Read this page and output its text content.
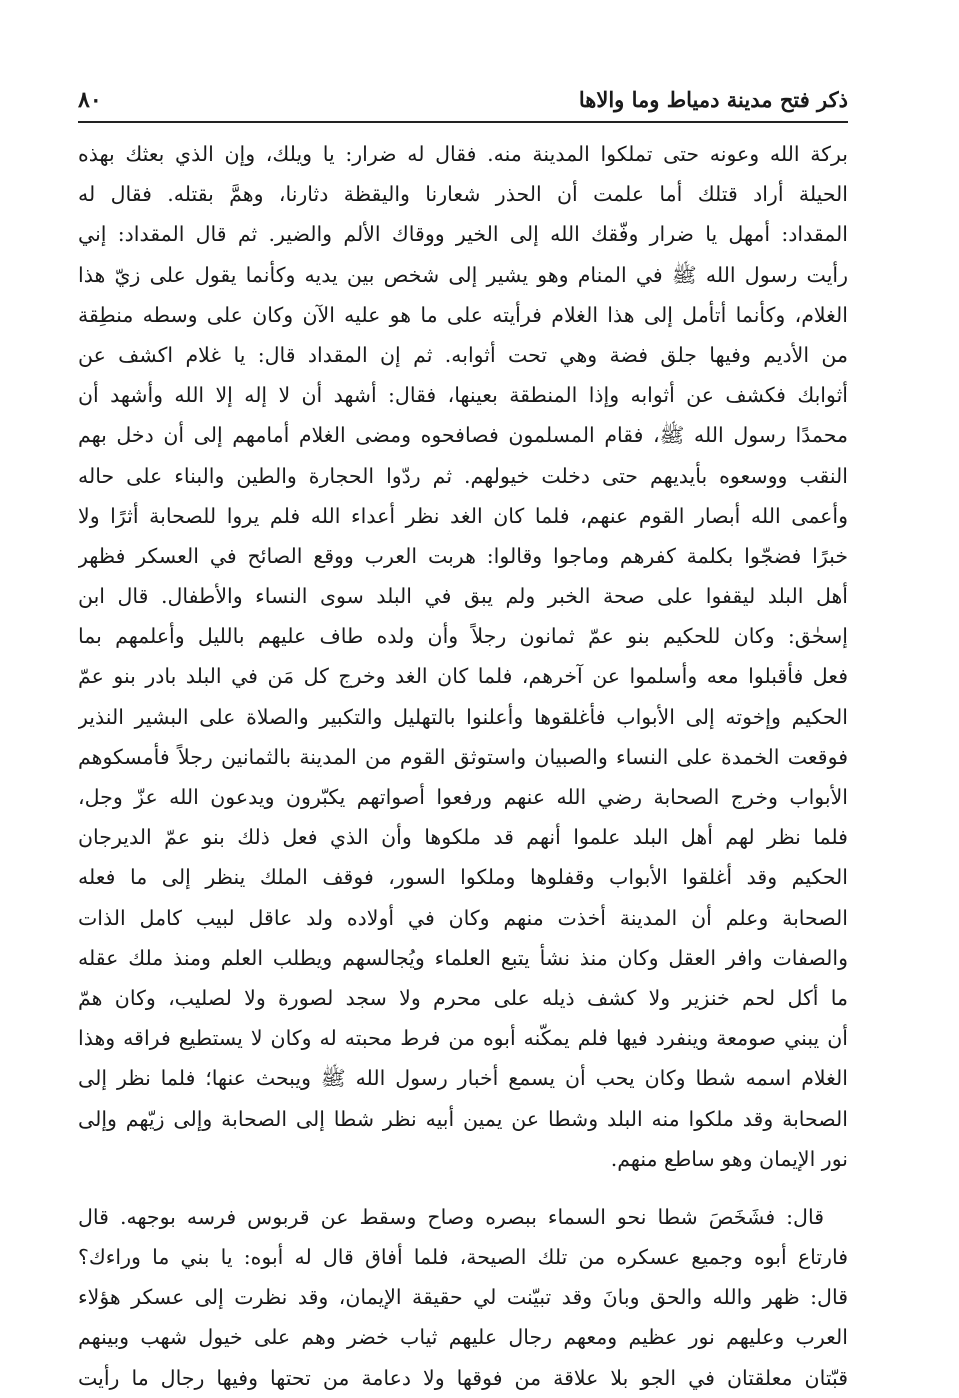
ذكر فتح مدينة دمياط وما والاها
٨٠
بركة الله وعونه حتى تملكوا المدينة منه. فقال له ضرار: يا ويلك، وإن الذي بعثك بهذه
الحيلة أراد قتلك أما علمت أن الحذر شعارنا واليقظة دثارنا، وهمَّ بقتله. فقال له
المقداد: أمهل يا ضرار وفّقك الله إلى الخير ووقاك الألم والضير. ثم قال المقداد: إني
رأيت رسول الله ﷺ في المنام وهو يشير إلى شخص بين يديه وكأنما يقول على زيّ هذا
الغلام، وكأنما أتأمل إلى هذا الغلام فرأيته على ما هو عليه الآن وكان على وسطه منطِقة
من الأديم وفيها جلق فضة وهي تحت أثوابه. ثم إن المقداد قال: يا غلام اكشف عن
أثوابك فكشف عن أثوابه وإذا المنطقة بعينها، فقال: أشهد أن لا إله إلا الله وأشهد أن
محمدًا رسول الله ﷺ، فقام المسلمون فصافحوه ومضى الغلام أمامهم إلى أن دخل بهم
النقب ووسعوه بأيديهم حتى دخلت خيولهم. ثم ردّوا الحجارة والطين والبناء على حاله
وأعمى الله أبصار القوم عنهم، فلما كان الغد نظر أعداء الله فلم يروا للصحابة أثرًا ولا
خبرًا فضجّوا بكلمة كفرهم وماجوا وقالوا: هربت العرب ووقع الصائح في العسكر فظهر
أهل البلد ليقفوا على صحة الخبر ولم يبق في البلد سوى النساء والأطفال. قال ابن
إسحٰق: وكان للحكيم بنو عمّ ثمانون رجلاً وأن ولده طاف عليهم بالليل وأعلمهم بما
فعل فأقبلوا معه وأسلموا عن آخرهم، فلما كان الغد وخرج كل مَن في البلد بادر بنو عمّ
الحكيم وإخوته إلى الأبواب فأغلقوها وأعلنوا بالتهليل والتكبير والصلاة على البشير النذير
فوقعت الخمدة على النساء والصبيان واستوثق القوم من المدينة بالثمانين رجلاً فأمسكوهم
الأبواب وخرج الصحابة رضي الله عنهم ورفعوا أصواتهم يكبّرون ويدعون الله عزّ وجل،
فلما نظر لهم أهل البلد علموا أنهم قد ملكوها وأن الذي فعل ذلك بنو عمّ الديرجان
الحكيم وقد أغلقوا الأبواب وقفلوها وملكوا السور، فوقف الملك ينظر إلى ما فعله
الصحابة وعلم أن المدينة أخذت منهم وكان في أولاده ولد عاقل لبيب كامل الذات
والصفات وافر العقل وكان منذ نشأ يتبع العلماء ويُجالسهم ويطلب العلم ومنذ ملك عقله
ما أكل لحم خنزير ولا كشف ذيله على محرم ولا سجد لصورة ولا لصليب، وكان همّ
أن يبني صومعة وينفرد فيها فلم يمكّنه أبوه من فرط محبته له وكان لا يستطيع فراقه وهذا
الغلام اسمه شطا وكان يحب أن يسمع أخبار رسول الله ﷺ ويبحث عنها؛ فلما نظر إلى
الصحابة وقد ملكوا منه البلد وشطا عن يمين أبيه نظر شطا إلى الصحابة وإلى زيّهم وإلى
نور الإيمان وهو ساطع منهم.
قال: فشَخَصَ شطا نحو السماء ببصره وصاح وسقط عن قربوس فرسه بوجهه. قال
فارتاع أبوه وجميع عسكره من تلك الصيحة، فلما أفاق قال له أبوه: يا بني ما وراءك؟
قال: ظهر والله والحق وبانَ وقد تبيّنت لي حقيقة الإيمان، وقد نظرت إلى عسكر هؤلاء
العرب وعليهم نور عظيم ومعهم رجال عليهم ثياب خضر وهم على خيول شهب وبينهم
قبّتان معلقتان في الجو بلا علاقة من فوقها ولا دعامة من تحتها وفيها رجال ما رأيت
